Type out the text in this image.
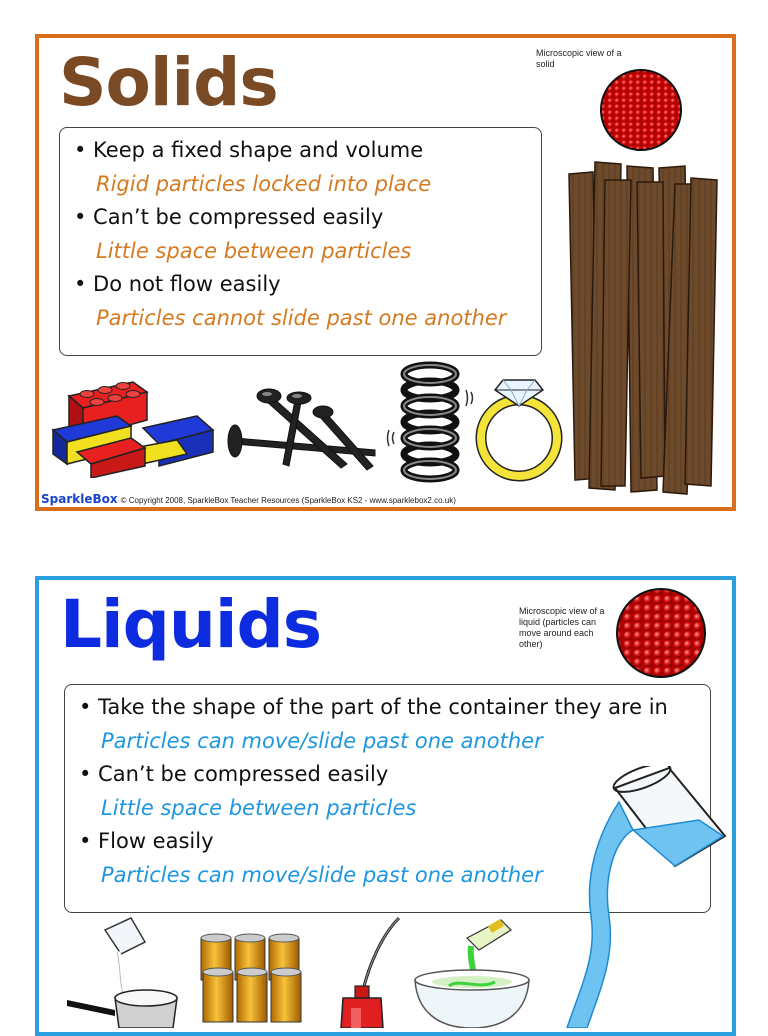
Solids	Microscopic view of a solid

• Keep a fixed shape and volume

Rigid particles locked into place

• Can’t be compressed easily

Little space between particles

• Do not flow easily

Particles cannot slide past one another

SparkleBox © Copyright 2008, SparkleBox Teacher Resources (SparkleBox KS2 - www.sparklebox2.co.uk)
Liquids	Microscopic view of a liquid (particles can move around each other)

• Take the shape of the part of the container they are in

Particles can move/slide past one another

• Can’t be compressed easily

Little space between particles

• Flow easily

Particles can move/slide past one another
